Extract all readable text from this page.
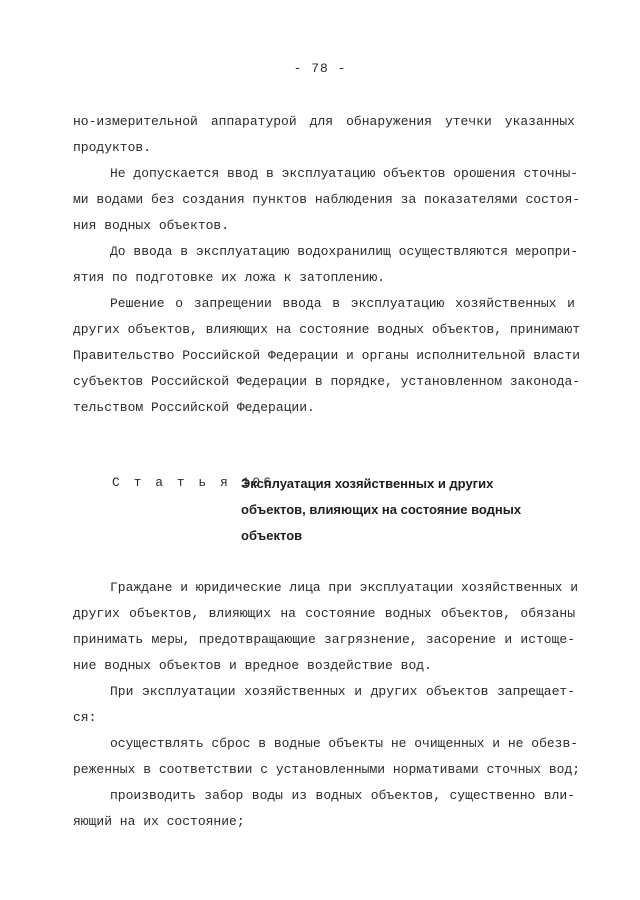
- 78 -
но-измерительной аппаратурой для обнаружения утечки указанных
продуктов.
Не допускается ввод в эксплуатацию объектов орошения сточны-
ми водами без создания пунктов наблюдения за показателями состоя-
ния водных объектов.
До ввода в эксплуатацию водохранилищ осуществляются меропри-
ятия по подготовке их ложа к затоплению.
Решение о запрещении ввода в эксплуатацию хозяйственных и
других объектов, влияющих на состояние водных объектов, принимают
Правительство Российской Федерации и органы исполнительной власти
субъектов Российской Федерации в порядке, установленном законода-
тельством Российской Федерации.
С т а т ь я 106.
Эксплуатация хозяйственных и других
объектов, влияющих на состояние водных
объектов
Граждане и юридические лица при эксплуатации хозяйственных и
других объектов, влияющих на состояние водных объектов, обязаны
принимать меры, предотвращающие загрязнение, засорение и истоще-
ние водных объектов и вредное воздействие вод.
При эксплуатации хозяйственных и других объектов запрещает-
ся:
осуществлять сброс в водные объекты не очищенных и не обезв-
реженных в соответствии с установленными нормативами сточных вод;
производить забор воды из водных объектов, существенно вли-
яющий на их состояние;
